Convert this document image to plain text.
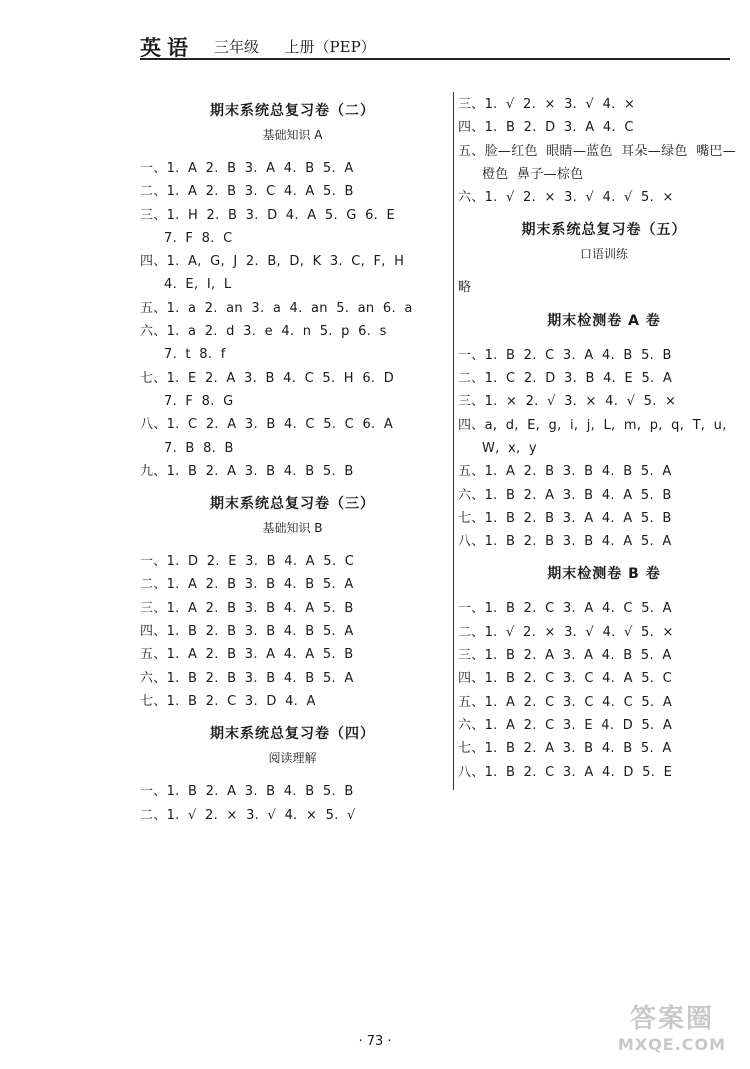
英语 三年级  上册（PEP）
期末系统总复习卷（二）
基础知识 A
一、1. A 2. B 3. A 4. B 5. A
二、1. A 2. B 3. C 4. A 5. B
三、1. H 2. B 3. D 4. A 5. G 6. E
7. F 8. C
四、1. A, G, J 2. B, D, K 3. C, F, H
4. E, I, L
五、1. a 2. an 3. a 4. an 5. an 6. a
六、1. a 2. d 3. e 4. n 5. p 6. s
7. t 8. f
七、1. E 2. A 3. B 4. C 5. H 6. D
7. F 8. G
八、1. C 2. A 3. B 4. C 5. C 6. A
7. B 8. B
九、1. B 2. A 3. B 4. B 5. B
期末系统总复习卷（三）
基础知识 B
一、1. D 2. E 3. B 4. A 5. C
二、1. A 2. B 3. B 4. B 5. A
三、1. A 2. B 3. B 4. A 5. B
四、1. B 2. B 3. B 4. B 5. A
五、1. A 2. B 3. A 4. A 5. B
六、1. B 2. B 3. B 4. B 5. A
七、1. B 2. C 3. D 4. A
期末系统总复习卷（四）
阅读理解
一、1. B 2. A 3. B 4. B 5. B
二、1. √ 2. × 3. √ 4. × 5. √
三、1. √ 2. × 3. √ 4. ×
四、1. B 2. D 3. A 4. C
五、脸—红色 眼睛—蓝色 耳朵—绿色 嘴巴—
橙色 鼻子—棕色
六、1. √ 2. × 3. √ 4. √ 5. ×
期末系统总复习卷（五）
口语训练
略
期末检测卷 A 卷
一、1. B 2. C 3. A 4. B 5. B
二、1. C 2. D 3. B 4. E 5. A
三、1. × 2. √ 3. × 4. √ 5. ×
四、a, d, E, g, i, j, L, m, p, q, T, u,
W, x, y
五、1. A 2. B 3. B 4. B 5. A
六、1. B 2. A 3. B 4. A 5. B
七、1. B 2. B 3. A 4. A 5. B
八、1. B 2. B 3. B 4. A 5. A
期末检测卷 B 卷
一、1. B 2. C 3. A 4. C 5. A
二、1. √ 2. × 3. √ 4. √ 5. ×
三、1. B 2. A 3. A 4. B 5. A
四、1. B 2. C 3. C 4. A 5. C
五、1. A 2. C 3. C 4. C 5. A
六、1. A 2. C 3. E 4. D 5. A
七、1. B 2. A 3. B 4. B 5. A
八、1. B 2. C 3. A 4. D 5. E
· 73 ·
答案圈
MXQE.COM
